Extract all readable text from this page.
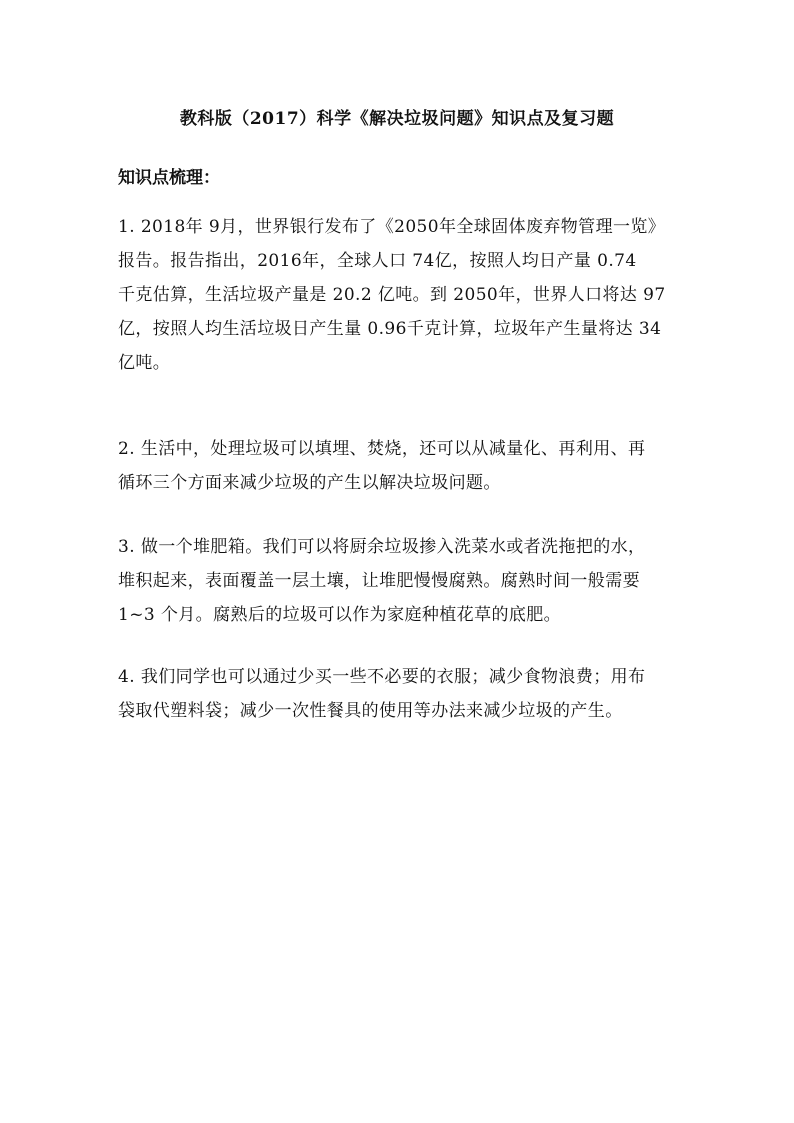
教科版（2017）科学《解决垃圾问题》知识点及复习题
知识点梳理：
1. 2018年 9月，世界银行发布了《2050年全球固体废弃物管理一览》
报告。报告指出，2016年，全球人口 74亿，按照人均日产量 0.74
千克估算，生活垃圾产量是 20.2 亿吨。到 2050年，世界人口将达 97
亿，按照人均生活垃圾日产生量 0.96千克计算，垃圾年产生量将达 34
亿吨。
2. 生活中，处理垃圾可以填埋、焚烧，还可以从减量化、再利用、再
循环三个方面来减少垃圾的产生以解决垃圾问题。
3. 做一个堆肥箱。我们可以将厨余垃圾掺入洗菜水或者洗拖把的水，
堆积起来，表面覆盖一层土壤，让堆肥慢慢腐熟。腐熟时间一般需要
1~3 个月。腐熟后的垃圾可以作为家庭种植花草的底肥。
4. 我们同学也可以通过少买一些不必要的衣服；减少食物浪费；用布
袋取代塑料袋；减少一次性餐具的使用等办法来减少垃圾的产生。
